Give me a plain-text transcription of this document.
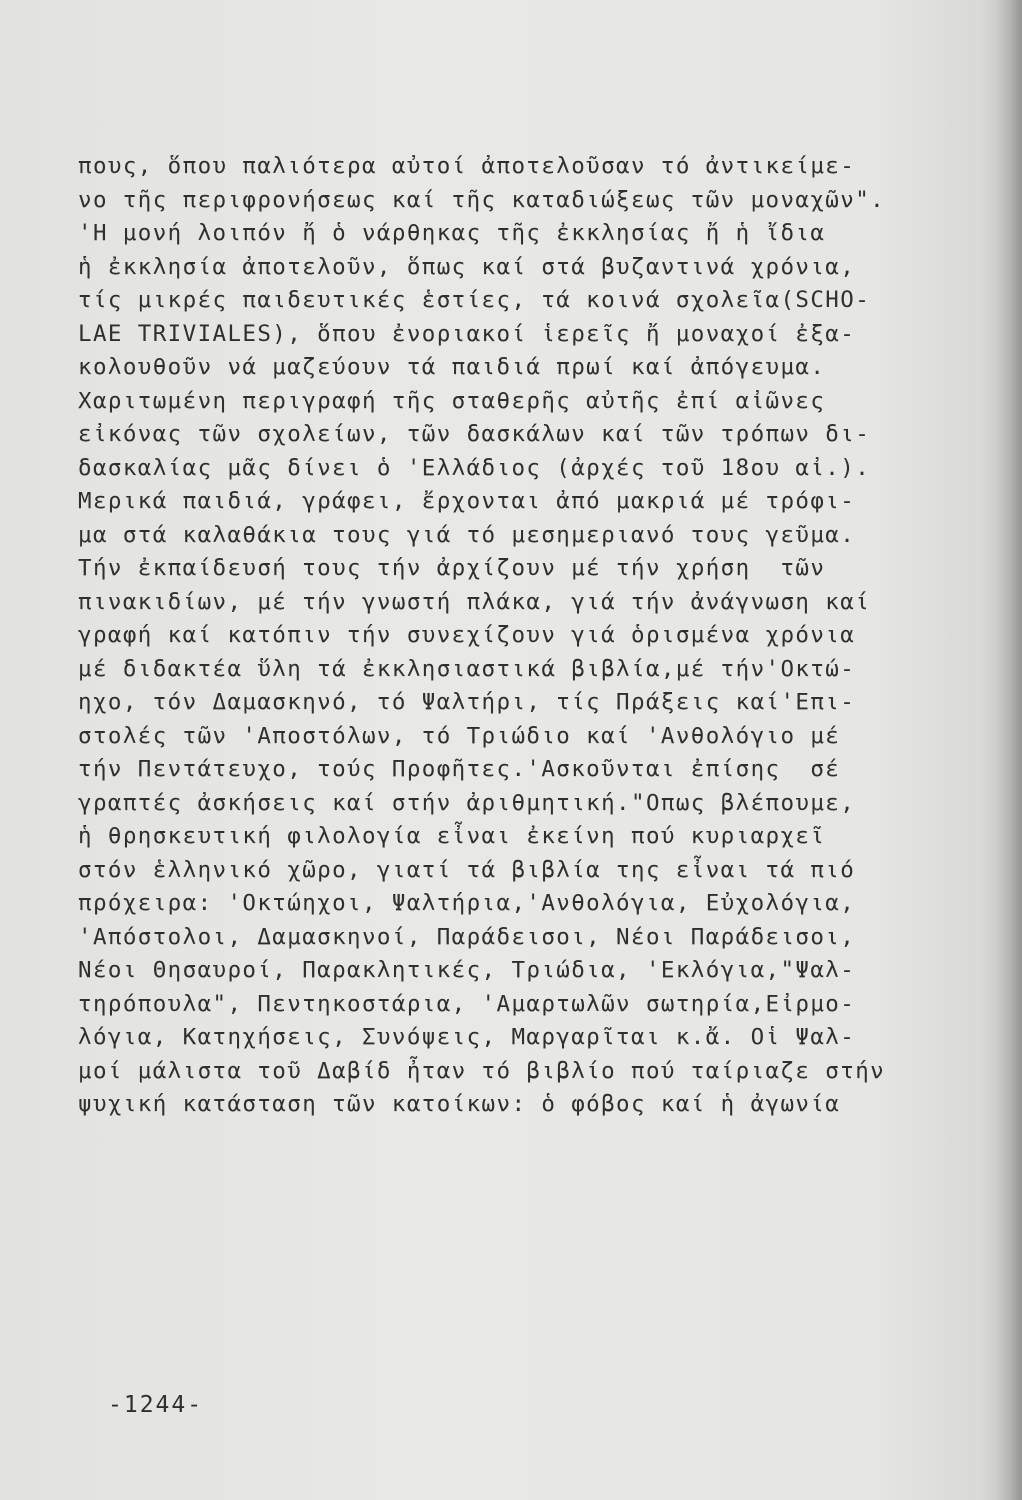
πους, ὅπου παλιότερα αὐτοί ἀποτελοῦσαν τό ἀντικείμε-
νο τῆς περιφρονήσεως καί τῆς καταδιώξεως τῶν μοναχῶν".
'Η μονή λοιπόν ἤ ὁ νάρθηκας τῆς ἐκκλησίας ἤ ἡ ἴδια
ἡ ἐκκλησία ἀποτελοῦν, ὅπως καί στά βυζαντινά χρόνια,
τίς μικρές παιδευτικές ἑστίες, τά κοινά σχολεῖα(SCHO-
LAE TRIVIALES), ὅπου ἐνοριακοί ἱερεῖς ἤ μοναχοί ἐξα-
κολουθοῦν νά μαζεύουν τά παιδιά πρωί καί ἀπόγευμα.
Χαριτωμένη περιγραφή τῆς σταθερῆς αὐτῆς ἐπί αἰῶνες
εἰκόνας τῶν σχολείων, τῶν δασκάλων καί τῶν τρόπων δι-
δασκαλίας μᾶς δίνει ὁ 'Ελλάδιος (ἀρχές τοῦ 18ου αἰ.).
Μερικά παιδιά, γράφει, ἔρχονται ἀπό μακριά μέ τρόφι-
μα στά καλαθάκια τους γιά τό μεσημεριανό τους γεῦμα.
Τήν ἐκπαίδευσή τους τήν ἀρχίζουν μέ τήν χρήση  τῶν
πινακιδίων, μέ τήν γνωστή πλάκα, γιά τήν ἀνάγνωση καί
γραφή καί κατόπιν τήν συνεχίζουν γιά ὁρισμένα χρόνια
μέ διδακτέα ὕλη τά ἐκκλησιαστικά βιβλία,μέ τήν'Οκτώ-
ηχο, τόν Δαμασκηνό, τό Ψαλτήρι, τίς Πράξεις καί'Επι-
στολές τῶν 'Αποστόλων, τό Τριώδιο καί 'Ανθολόγιο μέ
τήν Πεντάτευχο, τούς Προφῆτες.'Ασκοῦνται ἐπίσης  σέ
γραπτές ἀσκήσεις καί στήν ἀριθμητική."Οπως βλέπουμε,
ἡ θρησκευτική φιλολογία εἶναι ἐκείνη πού κυριαρχεῖ
στόν ἑλληνικό χῶρο, γιατί τά βιβλία της εἶναι τά πιό
πρόχειρα: 'Οκτώηχοι, Ψαλτήρια,'Ανθολόγια, Εὐχολόγια,
'Απόστολοι, Δαμασκηνοί, Παράδεισοι, Νέοι Παράδεισοι,
Νέοι Θησαυροί, Παρακλητικές, Τριώδια, 'Εκλόγια,"Ψαλ-
τηρόπουλα", Πεντηκοστάρια, 'Αμαρτωλῶν σωτηρία,Εἰρμο-
λόγια, Κατηχήσεις, Συνόψεις, Μαργαρῖται κ.ἄ. Οἱ Ψαλ-
μοί μάλιστα τοῦ Δαβίδ ἦταν τό βιβλίο πού ταίριαζε στήν
ψυχική κατάσταση τῶν κατοίκων: ὁ φόβος καί ἡ ἀγωνία
-1244-
